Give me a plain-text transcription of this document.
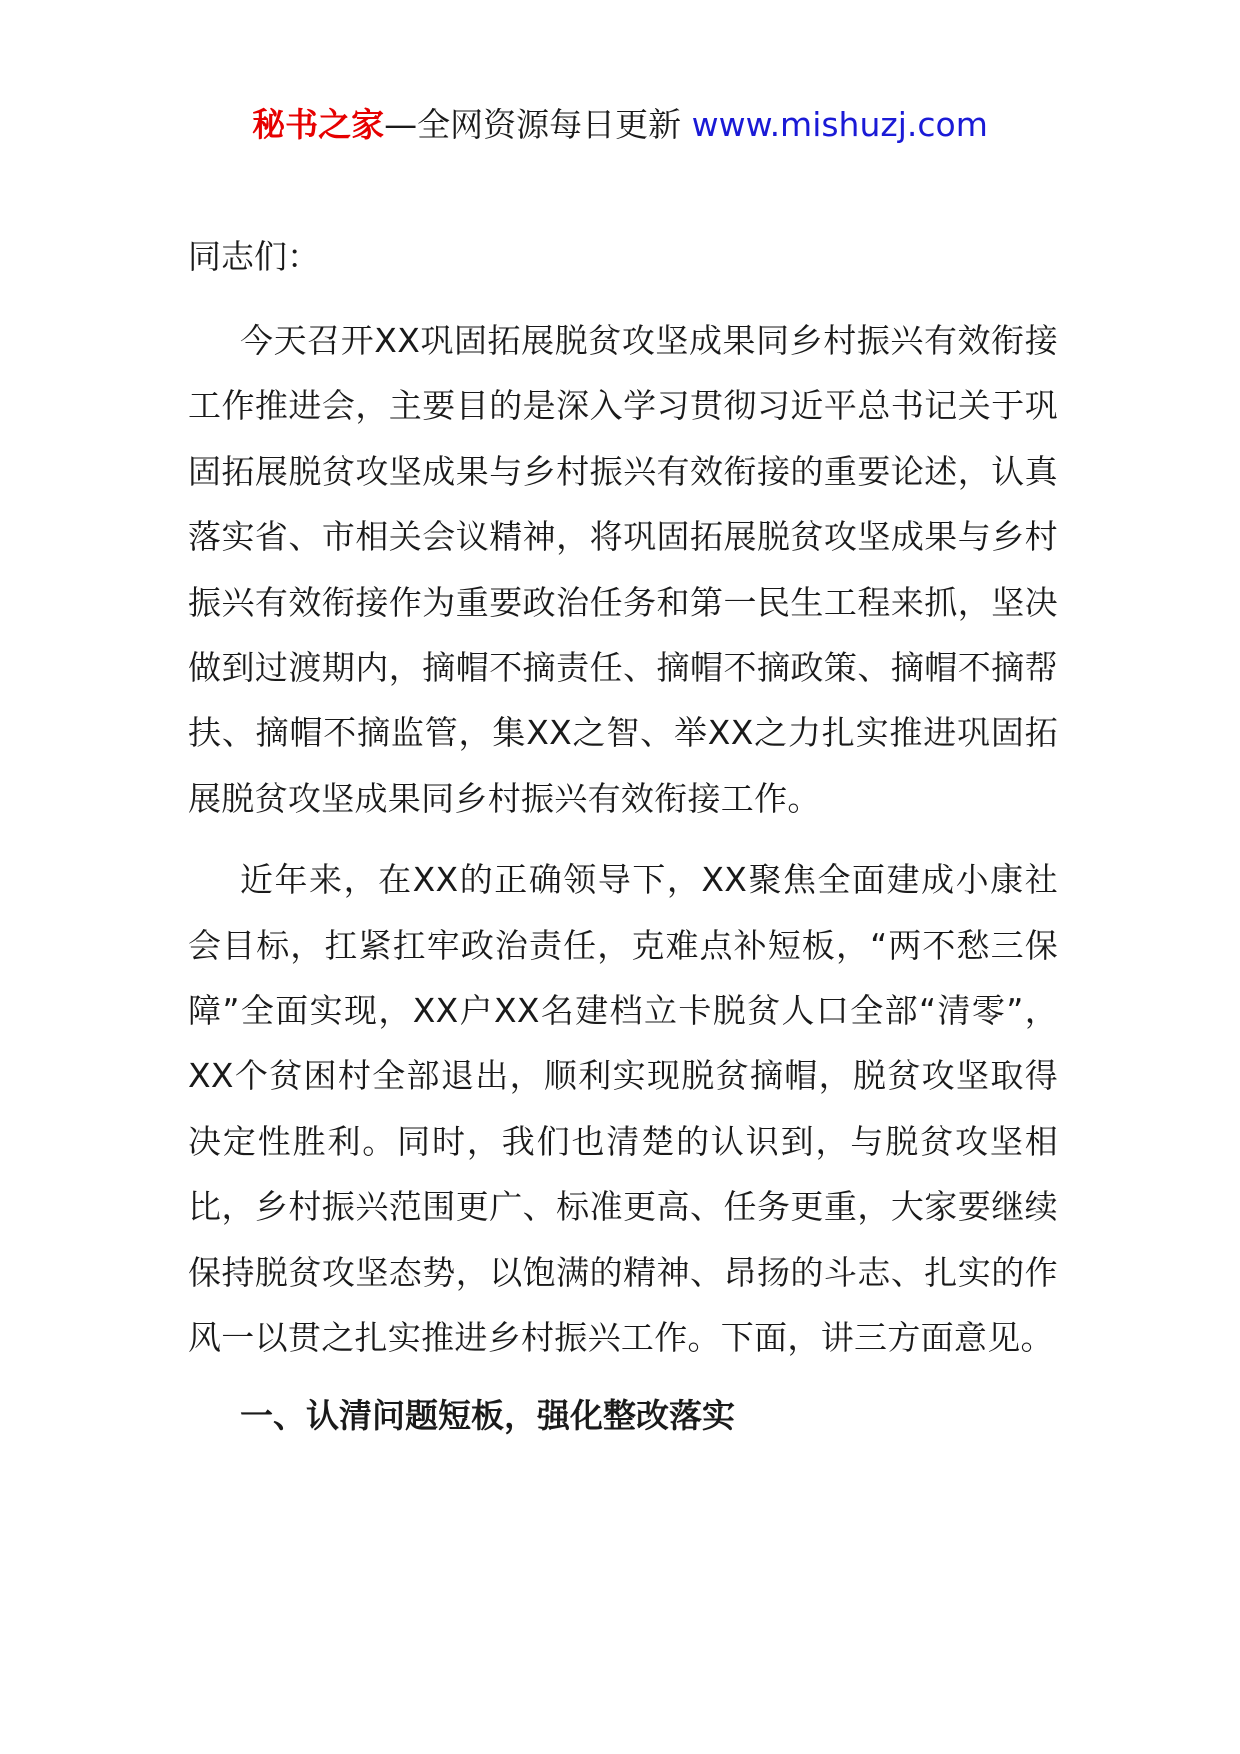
秘书之家—全网资源每日更新 www.mishuzj.com
同志们：

今天召开XX巩固拓展脱贫攻坚成果同乡村振兴有效衔接工作推进会，主要目的是深入学习贯彻习近平总书记关于巩固拓展脱贫攻坚成果与乡村振兴有效衔接的重要论述，认真落实省、市相关会议精神，将巩固拓展脱贫攻坚成果与乡村振兴有效衔接作为重要政治任务和第一民生工程来抓，坚决做到过渡期内，摘帽不摘责任、摘帽不摘政策、摘帽不摘帮扶、摘帽不摘监管，集XX之智、举XX之力扎实推进巩固拓展脱贫攻坚成果同乡村振兴有效衔接工作。

近年来，在XX的正确领导下，XX聚焦全面建成小康社会目标，扛紧扛牢政治责任，克难点补短板，“两不愁三保障”全面实现，XX户XX名建档立卡脱贫人口全部“清零”，XX个贫困村全部退出，顺利实现脱贫摘帽，脱贫攻坚取得决定性胜利。同时，我们也清楚的认识到，与脱贫攻坚相比，乡村振兴范围更广、标准更高、任务更重，大家要继续保持脱贫攻坚态势，以饱满的精神、昂扬的斗志、扎实的作风一以贯之扎实推进乡村振兴工作。下面，讲三方面意见。

一、认清问题短板，强化整改落实
